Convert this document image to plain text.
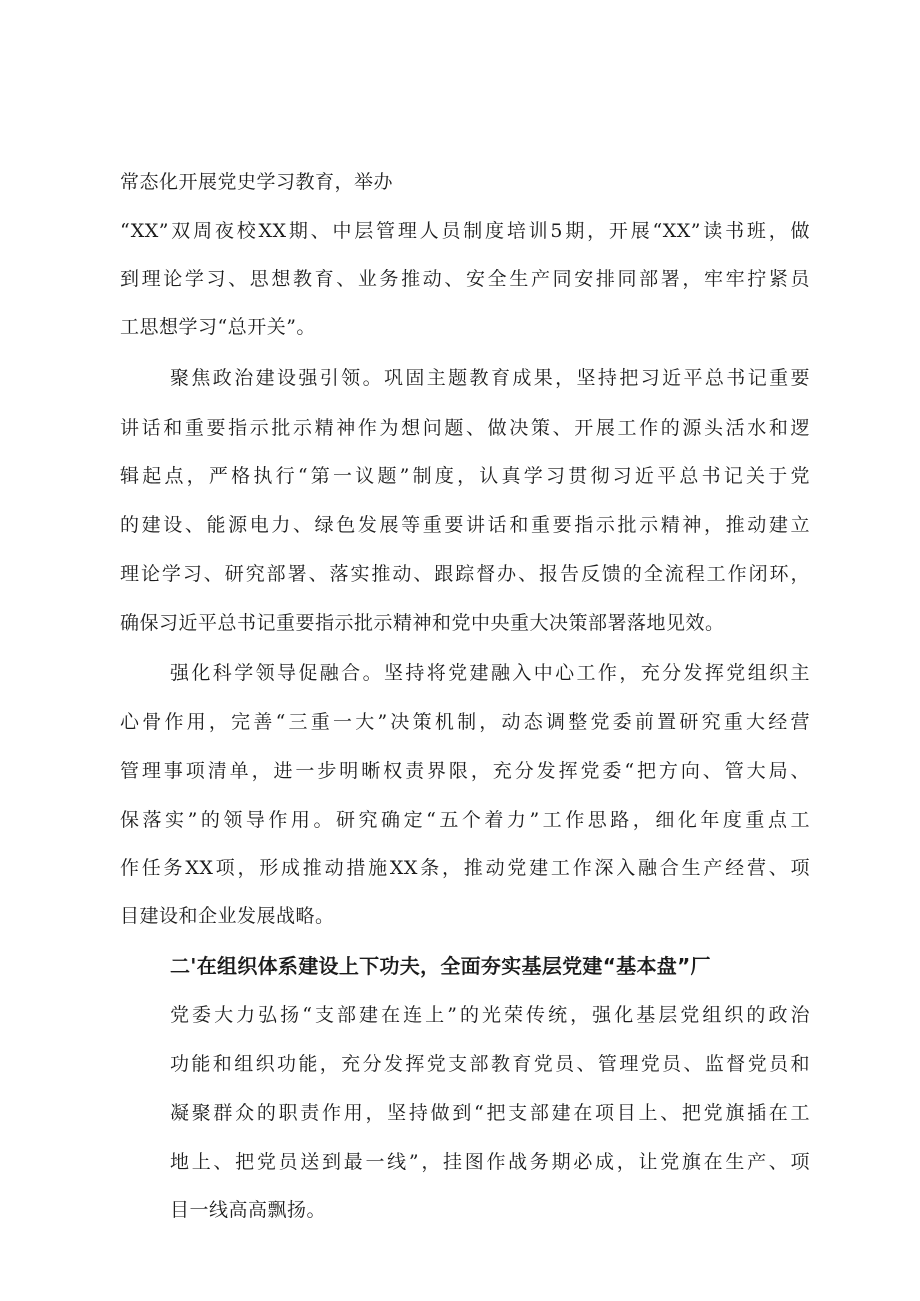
常态化开展党史学习教育，举办
“XX”双周夜校XX期、中层管理人员制度培训5期，开展“XX”读书班，做
到理论学习、思想教育、业务推动、安全生产同安排同部署，牢牢拧紧员
工思想学习“总开关”。
聚焦政治建设强引领。巩固主题教育成果，坚持把习近平总书记重要
讲话和重要指示批示精神作为想问题、做决策、开展工作的源头活水和逻
辑起点，严格执行“第一议题”制度，认真学习贯彻习近平总书记关于党
的建设、能源电力、绿色发展等重要讲话和重要指示批示精神，推动建立
理论学习、研究部署、落实推动、跟踪督办、报告反馈的全流程工作闭环，
确保习近平总书记重要指示批示精神和党中央重大决策部署落地见效。
强化科学领导促融合。坚持将党建融入中心工作，充分发挥党组织主
心骨作用，完善“三重一大”决策机制，动态调整党委前置研究重大经营
管理事项清单，进一步明晰权责界限，充分发挥党委“把方向、管大局、
保落实”的领导作用。研究确定“五个着力”工作思路，细化年度重点工
作任务XX项，形成推动措施XX条，推动党建工作深入融合生产经营、项
目建设和企业发展战略。
二'在组织体系建设上下功夫，全面夯实基层党建“基本盘”厂
党委大力弘扬“支部建在连上”的光荣传统，强化基层党组织的政治
功能和组织功能，充分发挥党支部教育党员、管理党员、监督党员和
凝聚群众的职责作用，坚持做到“把支部建在项目上、把党旗插在工
地上、把党员送到最一线”，挂图作战务期必成，让党旗在生产、项
目一线高高飘扬。
